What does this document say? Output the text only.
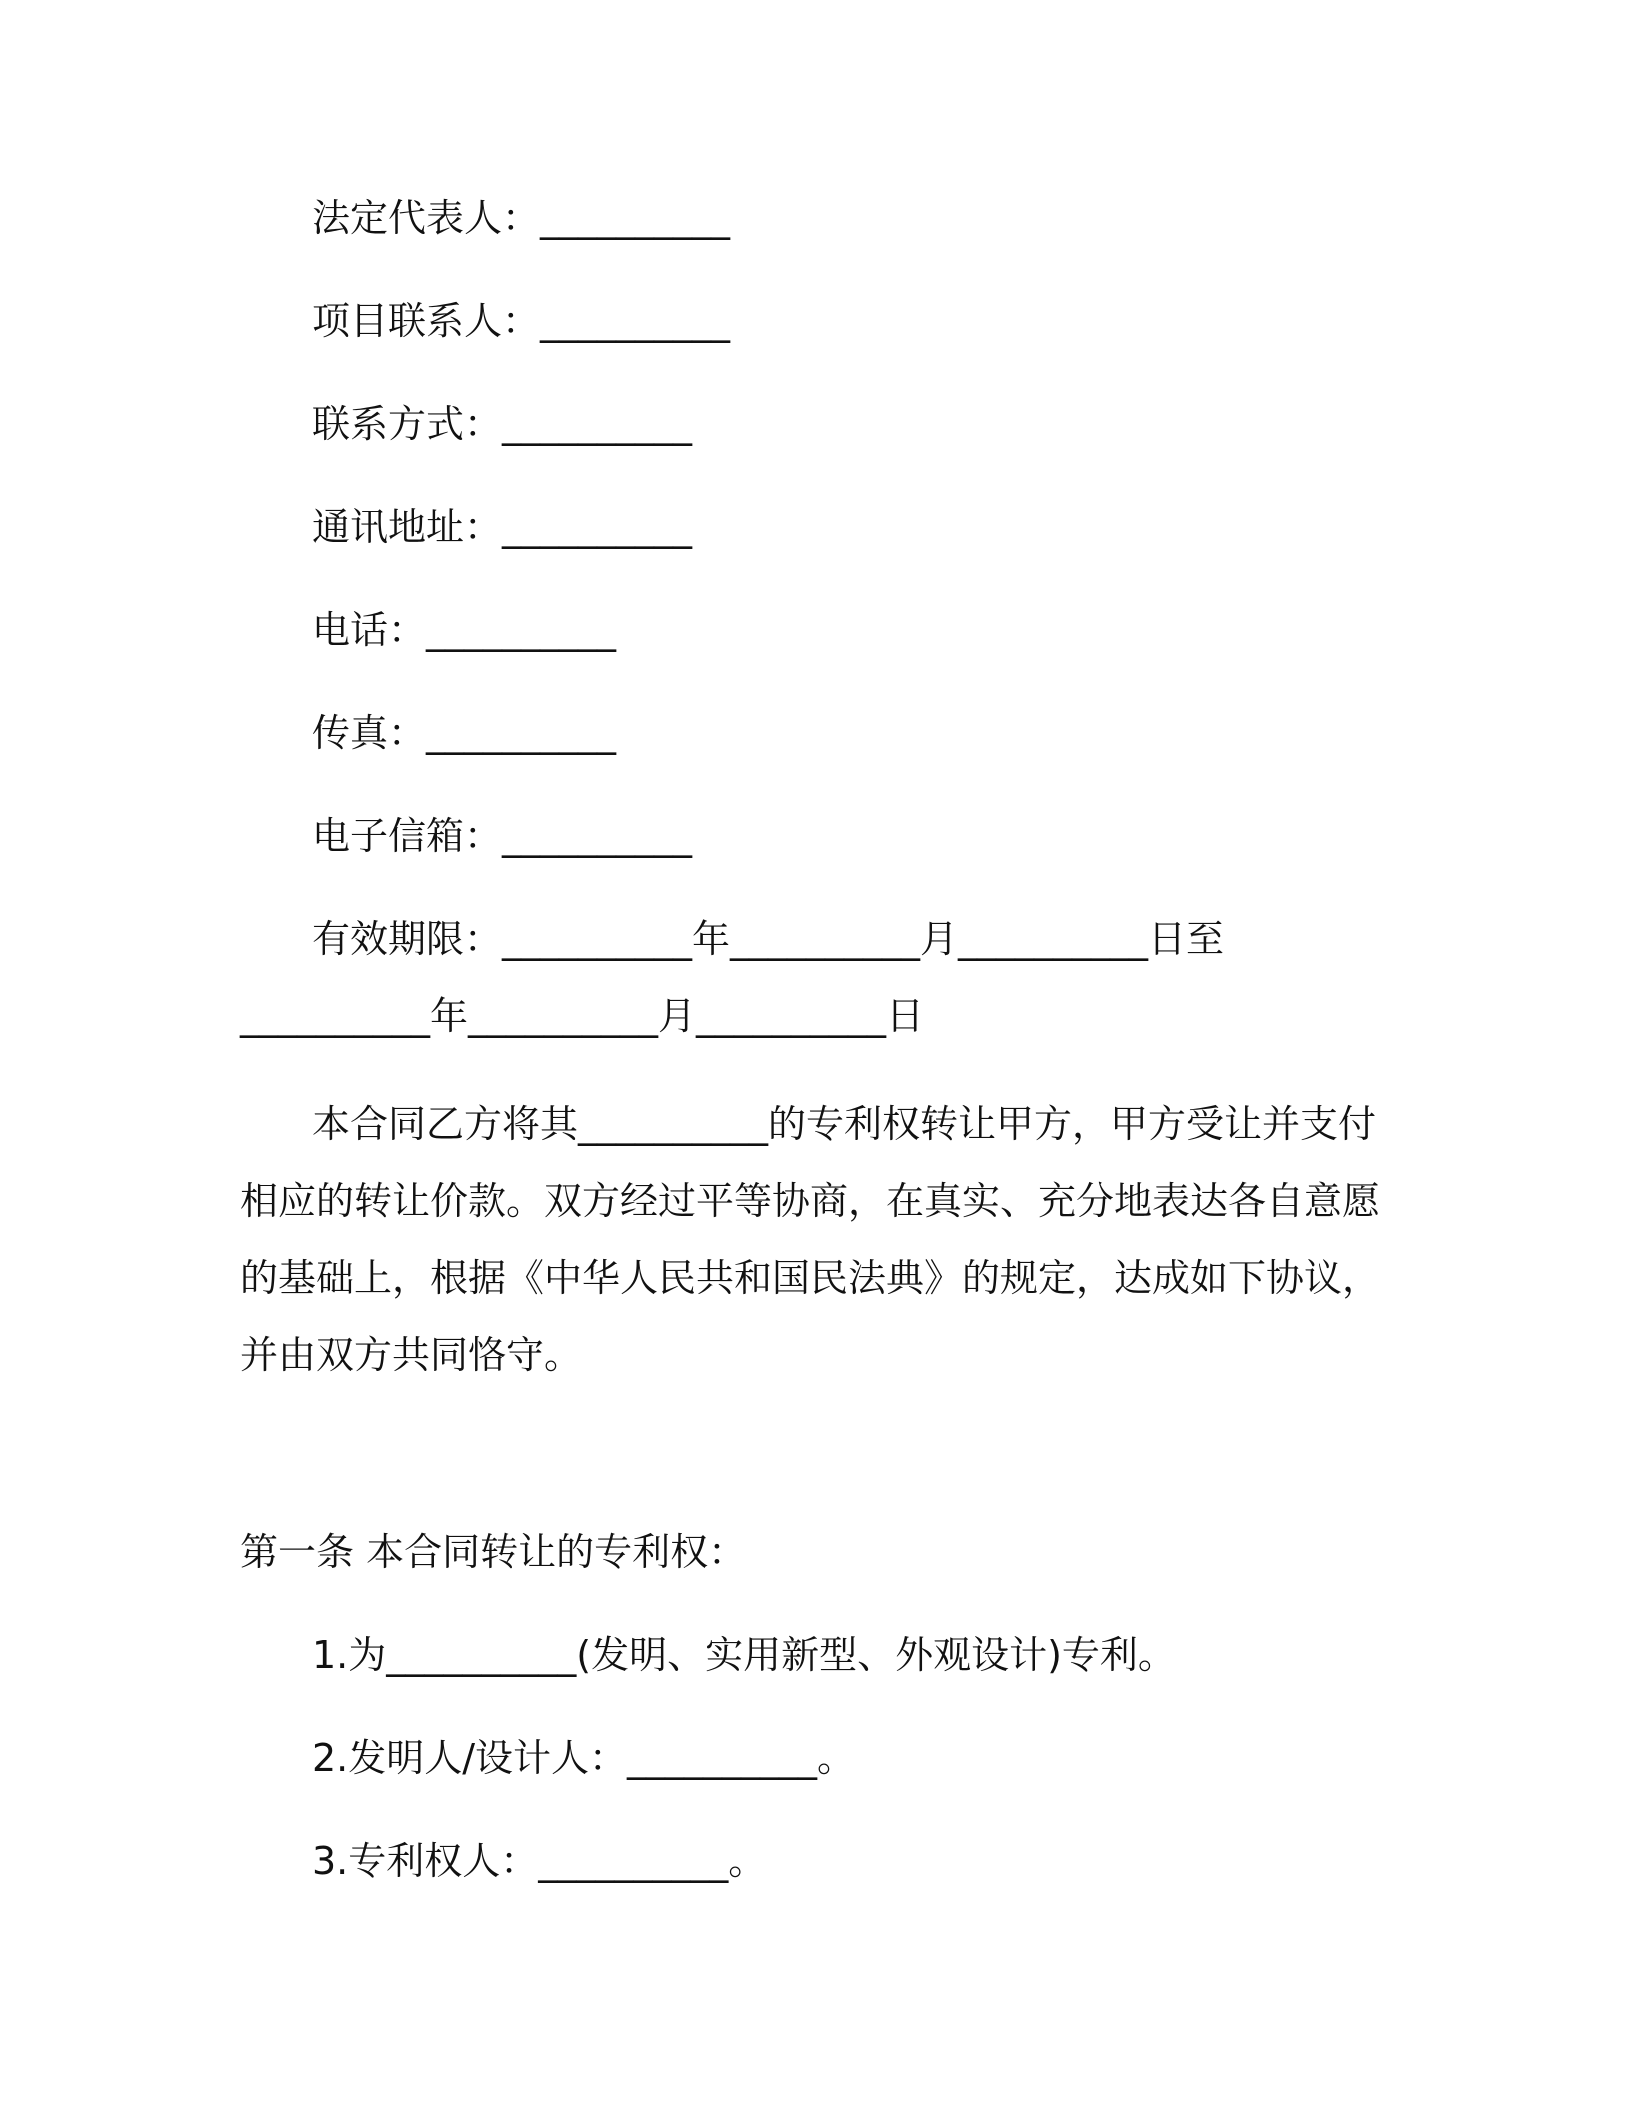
法定代表人：__________
项目联系人：__________
联系方式：__________
通讯地址：__________
电话：__________
传真：__________
电子信箱：__________
有效期限：__________年__________月__________日至
__________年__________月__________日
本合同乙方将其__________的专利权转让甲方，甲方受让并支付
相应的转让价款。双方经过平等协商，在真实、充分地表达各自意愿
的基础上，根据《中华人民共和国民法典》的规定，达成如下协议，
并由双方共同恪守。
第一条 本合同转让的专利权：
1.为__________(发明、实用新型、外观设计)专利。
2.发明人/设计人：__________。
3.专利权人：__________。
